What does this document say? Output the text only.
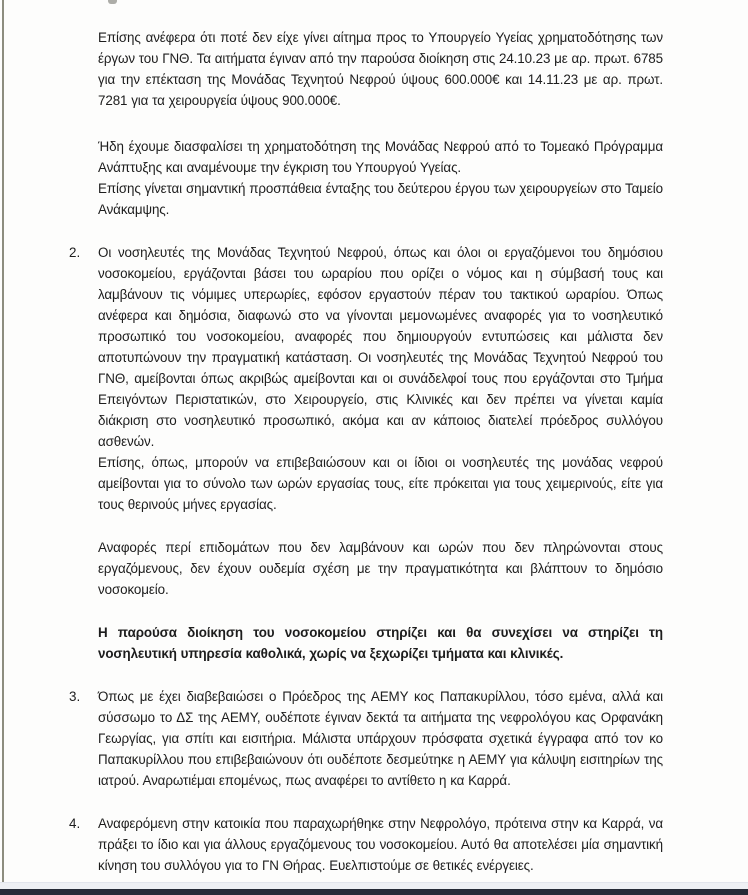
Επίσης ανέφερα ότι ποτέ δεν είχε γίνει αίτημα προς το Υπουργείο Υγείας χρηματοδότησης των έργων του ΓΝΘ. Τα αιτήματα έγιναν από την παρούσα διοίκηση στις 24.10.23 με αρ. πρωτ. 6785 για την επέκταση της Μονάδας Τεχνητού Νεφρού ύψους 600.000€ και 14.11.23 με αρ. πρωτ. 7281 για τα χειρουργεία ύψους 900.000€.

Ήδη έχουμε διασφαλίσει τη χρηματοδότηση της Μονάδας Νεφρού από το Τομεακό Πρόγραμμα Ανάπτυξης και αναμένουμε την έγκριση του Υπουργού Υγείας.

Επίσης γίνεται σημαντική προσπάθεια ένταξης του δεύτερου έργου των χειρουργείων στο Ταμείο Ανάκαμψης.

2. Οι νοσηλευτές της Μονάδας Τεχνητού Νεφρού, όπως και όλοι οι εργαζόμενοι του δημόσιου νοσοκομείου, εργάζονται βάσει του ωραρίου που ορίζει ο νόμος και η σύμβασή τους και λαμβάνουν τις νόμιμες υπερωρίες, εφόσον εργαστούν πέραν του τακτικού ωραρίου. Όπως ανέφερα και δημόσια, διαφωνώ στο να γίνονται μεμονωμένες αναφορές για το νοσηλευτικό προσωπικό του νοσοκομείου, αναφορές που δημιουργούν εντυπώσεις και μάλιστα δεν αποτυπώνουν την πραγματική κατάσταση. Οι νοσηλευτές της Μονάδας Τεχνητού Νεφρού του ΓΝΘ, αμείβονται όπως ακριβώς αμείβονται και οι συνάδελφοί τους που εργάζονται στο Τμήμα Επειγόντων Περιστατικών, στο Χειρουργείο, στις Κλινικές και δεν πρέπει να γίνεται καμία διάκριση στο νοσηλευτικό προσωπικό, ακόμα και αν κάποιος διατελεί πρόεδρος συλλόγου ασθενών.

Επίσης, όπως, μπορούν να επιβεβαιώσουν και οι ίδιοι οι νοσηλευτές της μονάδας νεφρού αμείβονται για το σύνολο των ωρών εργασίας τους, είτε πρόκειται για τους χειμερινούς, είτε για τους θερινούς μήνες εργασίας.

Αναφορές περί επιδομάτων που δεν λαμβάνουν και ωρών που δεν πληρώνονται στους εργαζόμενους, δεν έχουν ουδεμία σχέση με την πραγματικότητα και βλάπτουν το δημόσιο νοσοκομείο.

Η παρούσα διοίκηση του νοσοκομείου στηρίζει και θα συνεχίσει να στηρίζει τη νοσηλευτική υπηρεσία καθολικά, χωρίς να ξεχωρίζει τμήματα και κλινικές.

3. Όπως με έχει διαβεβαιώσει ο Πρόεδρος της ΑΕΜΥ κος Παπακυρίλλου, τόσο εμένα, αλλά και σύσσωμο το ΔΣ της ΑΕΜΥ, ουδέποτε έγιναν δεκτά τα αιτήματα της νεφρολόγου κας Ορφανάκη Γεωργίας, για σπίτι και εισιτήρια. Μάλιστα υπάρχουν πρόσφατα σχετικά έγγραφα από τον κο Παπακυρίλλου που επιβεβαιώνουν ότι ουδέποτε δεσμεύτηκε η ΑΕΜΥ για κάλυψη εισιτηρίων της ιατρού. Αναρωτιέμαι επομένως, πως αναφέρει το αντίθετο η κα Καρρά.

4. Αναφερόμενη στην κατοικία που παραχωρήθηκε στην Νεφρολόγο, πρότεινα στην κα Καρρά, να πράξει το ίδιο και για άλλους εργαζόμενους του νοσοκομείου. Αυτό θα αποτελέσει μία σημαντική κίνηση του συλλόγου για το ΓΝ Θήρας. Ευελπιστούμε σε θετικές ενέργειες.
